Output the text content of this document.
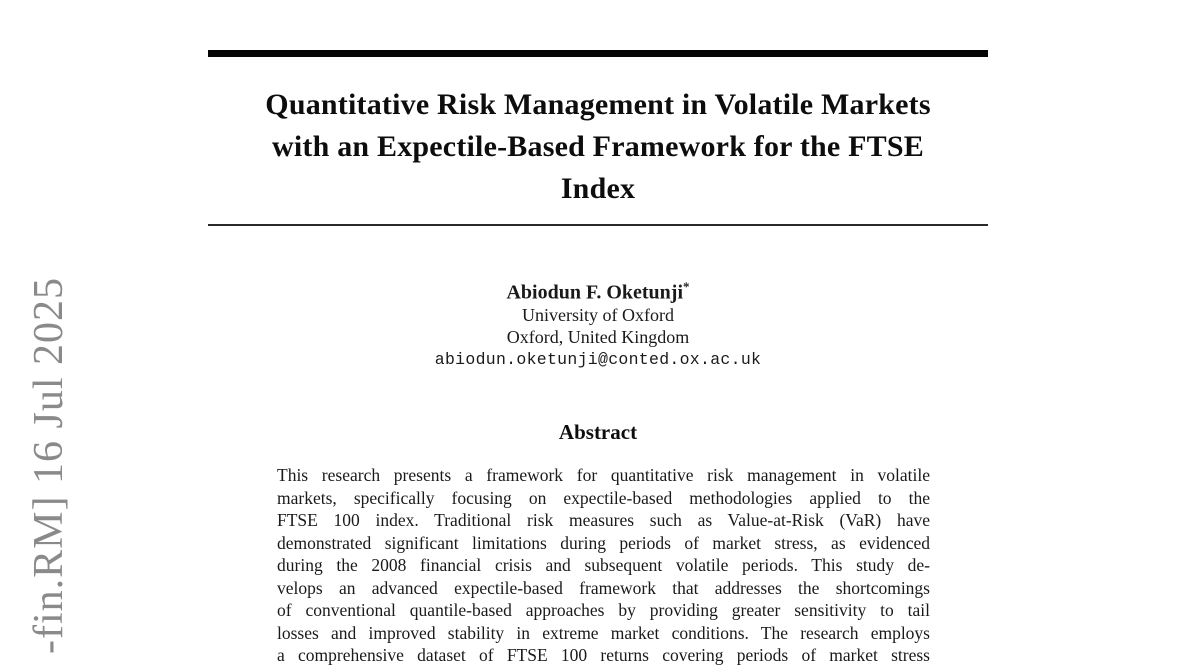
-fin.RM] 16 Jul 2025
Quantitative Risk Management in Volatile Markets
with an Expectile-Based Framework for the FTSE
Index
Abiodun F. Oketunji*
University of Oxford
Oxford, United Kingdom
abiodun.oketunji@conted.ox.ac.uk
Abstract
This research presents a framework for quantitative risk management in volatile
markets, specifically focusing on expectile-based methodologies applied to the
FTSE 100 index. Traditional risk measures such as Value-at-Risk (VaR) have
demonstrated significant limitations during periods of market stress, as evidenced
during the 2008 financial crisis and subsequent volatile periods. This study de-
velops an advanced expectile-based framework that addresses the shortcomings
of conventional quantile-based approaches by providing greater sensitivity to tail
losses and improved stability in extreme market conditions. The research employs
a comprehensive dataset of FTSE 100 returns covering periods of market stress
